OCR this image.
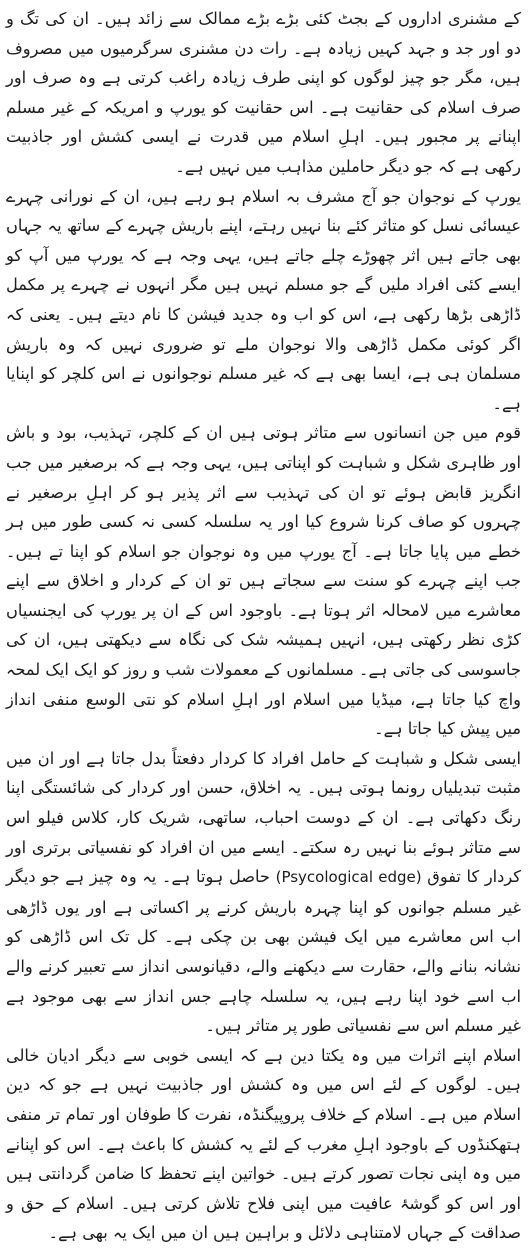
کے مشنری اداروں کے بجٹ کئی بڑے بڑے ممالک سے زائد ہیں۔ ان کی تگ و دو اور جد و جہد کہیں زیادہ ہے۔ رات دن مشنری سرگرمیوں میں مصروف ہیں، مگر جو چیز لوگوں کو اپنی طرف زیادہ راغب کرتی ہے وہ صرف اور صرف اسلام کی حقانیت ہے۔ اس حقانیت کو یورپ و امریکہ کے غیر مسلم اپنانے پر مجبور ہیں۔ اہلِ اسلام میں قدرت نے ایسی کشش اور جاذبیت رکھی ہے کہ جو دیگر حاملین مذاہب میں نہیں ہے۔

یورپ کے نوجوان جو آج مشرف بہ اسلام ہو رہے ہیں، ان کے نورانی چہرے عیسائی نسل کو متاثر کئے بنا نہیں رہتے، اپنے باریش چہرے کے ساتھ یہ جہاں بھی جاتے ہیں اثر چھوڑے چلے جاتے ہیں، یہی وجہ ہے کہ یورپ میں آپ کو ایسے کئی افراد ملیں گے جو مسلم نہیں ہیں مگر انہوں نے چہرے پر مکمل ڈاڑھی بڑھا رکھی ہے، اس کو اب وہ جدید فیشن کا نام دیتے ہیں۔ یعنی کہ اگر کوئی مکمل ڈاڑھی والا نوجوان ملے تو ضروری نہیں کہ وہ باریش مسلمان ہی ہے، ایسا بھی ہے کہ غیر مسلم نوجوانوں نے اس کلچر کو اپنایا ہے۔

قوم میں جن انسانوں سے متاثر ہوتی ہیں ان کے کلچر، تہذیب، بود و باش اور ظاہری شکل و شباہت کو اپناتی ہیں، یہی وجہ ہے کہ برصغیر میں جب انگریز قابض ہوئے تو ان کی تہذیب سے اثر پذیر ہو کر اہلِ برصغیر نے چہروں کو صاف کرنا شروع کیا اور یہ سلسلہ کسی نہ کسی طور میں ہر خطے میں پایا جاتا ہے۔ آج یورپ میں وہ نوجوان جو اسلام کو اپنا تے ہیں۔ جب اپنے چہرے کو سنت سے سجاتے ہیں تو ان کے کردار و اخلاق سے اپنے معاشرے میں لامحالہ اثر ہوتا ہے۔ باوجود اس کے ان پر یورپ کی ایجنسیاں کڑی نظر رکھتی ہیں، انہیں ہمیشہ شک کی نگاہ سے دیکھتی ہیں، ان کی جاسوسی کی جاتی ہے۔ مسلمانوں کے معمولات شب و روز کو ایک ایک لمحہ واچ کیا جاتا ہے، میڈیا میں اسلام اور اہلِ اسلام کو نتی الوسع منفی انداز میں پیش کیا جاتا ہے۔

ایسی شکل و شباہت کے حامل افراد کا کردار دفعتاً بدل جاتا ہے اور ان میں مثبت تبدیلیاں رونما ہوتی ہیں۔ یہ اخلاق، حسن اور کردار کی شائستگی اپنا رنگ دکھاتی ہے۔ ان کے دوست احباب، ساتھی، شریک کار، کلاس فیلو اس سے متاثر ہوئے بنا نہیں رہ سکتے۔ ایسے میں ان افراد کو نفسیاتی برتری اور کردار کا تفوق (Psycological edge) حاصل ہوتا ہے۔ یہ وہ چیز ہے جو دیگر غیر مسلم جوانوں کو اپنا چہرہ باریش کرنے پر اکساتی ہے اور یوں ڈاڑھی اب اس معاشرے میں ایک فیشن بھی بن چکی ہے۔ کل تک اس ڈاڑھی کو نشانہ بنانے والے، حقارت سے دیکھنے والے، دقیانوسی انداز سے تعبیر کرنے والے اب اسے خود اپنا رہے ہیں، یہ سلسلہ چاہے جس انداز سے بھی موجود ہے غیر مسلم اس سے نفسیاتی طور پر متاثر ہیں۔

اسلام اپنے اثرات میں وہ یکتا دین ہے کہ ایسی خوبی سے دیگر ادیان خالی ہیں۔ لوگوں کے لئے اس میں وہ کشش اور جاذبیت نہیں ہے جو کہ دین اسلام میں ہے۔ اسلام کے خلاف پروپیگنڈہ، نفرت کا طوفان اور تمام تر منفی ہتھکنڈوں کے باوجود اہلِ مغرب کے لئے یہ کشش کا باعث ہے۔ اس کو اپنانے میں وہ اپنی نجات تصور کرتے ہیں۔ خواتین اپنے تحفظ کا ضامن گردانتی ہیں اور اس کو گوشۂ عافیت میں اپنی فلاح تلاش کرتی ہیں۔ اسلام کے حق و صداقت کے جہاں لامتناہی دلائل و براہین ہیں ان میں ایک یہ بھی ہے۔
